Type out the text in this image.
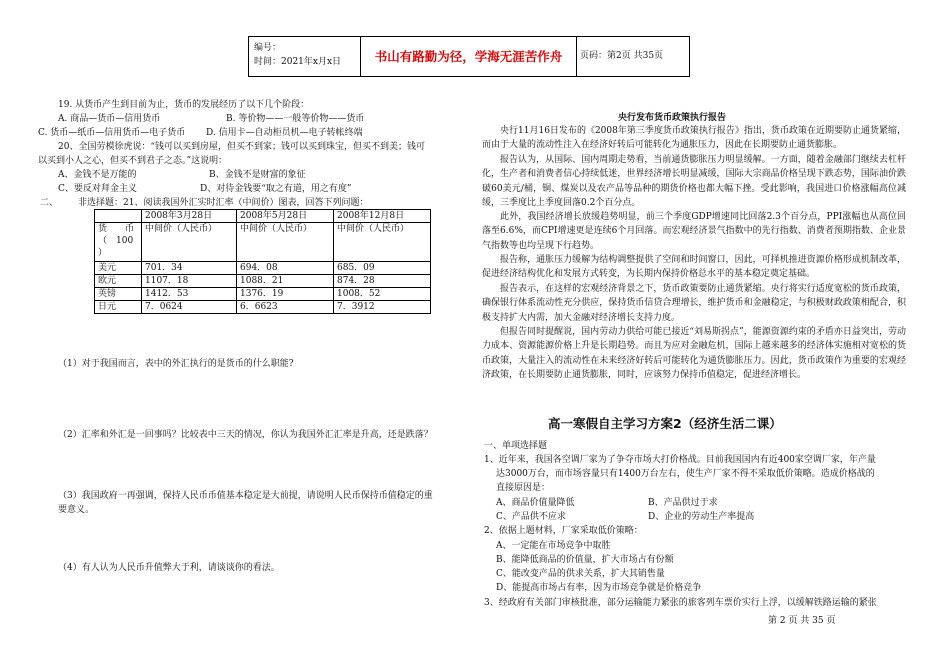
编号：
时间：2021年x月x日	书山有路勤为径，学海无涯苦作舟	页码：第2页 共35页
19. 从货币产生到目前为止，货币的发展经历了以下几个阶段：
A. 商品—货币—信用货币	B. 等价物——一般等价物——货币
C. 货币—纸币—信用货币—电子货币 D. 信用卡—自动柜员机—电子转帐终端
20、全国劳模徐虎说：“钱可以买到房屋，但买不到家；钱可以买到珠宝，但买不到美；钱可
以买到小人之心，但买不到君子之态。”这说明：
A、金钱不是万能的	B、金钱不是财富的象征
C、要反对拜金主义	D、对待金钱要“取之有道，用之有度”
二、 非选择题：21、阅读我国外汇实时汇率（中间价）图表，回答下列问题：
	2008年3月28日	2008年5月28日	2008年12月8日

货　　币
（　100
）	中间价（人民币）	中间价（人民币）	中间价（人民币）
美元	701．34	694．08	685．09
欧元	1107．18	1088．21	874．28
英镑	1412．53	1376．19	1008．52
日元	7．0624	6．6623	7．3912
（1）对于我国而言，表中的外汇执行的是货币的什么职能?
（2）汇率和外汇是一回事吗？比较表中三天的情况，你认为我国外汇汇率是升高，还是跌落？
（3）我国政府一再强调，保持人民币币值基本稳定是大前提，请说明人民币保持币值稳定的重
要意义。
（4）有人认为人民币升值弊大于利，请谈谈你的看法。
央行发布货币政策执行报告
央行11月16日发布的《2008年第三季度货币政策执行报告》指出，货币政策在近期要防止通货紧缩，而由于大量的流动性注入在经济好转后可能转化为通胀压力，因此在长期要防止通货膨胀。
报告认为，从国际、国内周期走势看，当前通货膨胀压力明显缓解。一方面，随着金融部门继续去杠杆化，生产者和消费者信心持续低迷，世界经济增长明显减缓，国际大宗商品价格呈现下跌态势，国际油价跌破60美元/桶，铜、煤炭以及农产品等品种的期货价格也都大幅下挫。受此影响，我国进口价格涨幅高位减缓，三季度比上季度回落0.2个百分点。
此外，我国经济增长放缓趋势明显，前三个季度GDP增速同比回落2.3个百分点，PPI涨幅也从高位回落至6.6%，而CPI增速更是连续6个月回落。而宏观经济景气指数中的先行指数、消费者预期指数、企业景气指数等也均呈现下行趋势。
报告称，通胀压力缓解为结构调整提供了空间和时间窗口，因此，可择机推进资源价格形成机制改革，促进经济结构优化和发展方式转变，为长期内保持价格总水平的基本稳定奠定基础。
报告表示，在这样的宏观经济背景之下，货币政策要防止通货紧缩。央行将实行适度宽松的货币政策，确保银行体系流动性充分供应，保持货币信贷合理增长，维护货币和金融稳定，与积极财政政策相配合，积极支持扩大内需，加大金融对经济增长支持力度。
但报告同时提醒说，国内劳动力供给可能已接近“刘易斯拐点”，能源资源约束的矛盾亦日益突出，劳动力成本、资源能源价格上升是长期趋势。而且为应对金融危机，国际上越来越多的经济体实施相对宽松的货币政策，大量注入的流动性在未来经济好转后可能转化为通货膨胀压力。因此，货币政策作为重要的宏观经济政策，在长期要防止通货膨胀，同时，应该努力保持币值稳定，促进经济增长。
高一寒假自主学习方案2（经济生活二课）
一、单项选择题
1、近年来，我国各空调厂家为了争夺市场大打价格战。目前我国国内有近400家空调厂家，年产量
达3000万台，而市场容量只有1400万台左右，使生产厂家不得不采取低价策略。造成价格战的
直接原因是：
A、商品价值量降低	B、产品供过于求
C、产品供不应求	D、企业的劳动生产率提高
2、依据上题材料，厂家采取低价策略：
A、一定能在市场竞争中取胜
B、能降低商品的价值量，扩大市场占有份额
C、能改变产品的供求关系，扩大其销售量
D、能提高市场占有率，因为市场竞争就是价格竞争
3、经政府有关部门审核批准，部分运输能力紧张的旅客列车票价实行上浮，以缓解铁路运输的紧张
第 2 页 共 35 页
